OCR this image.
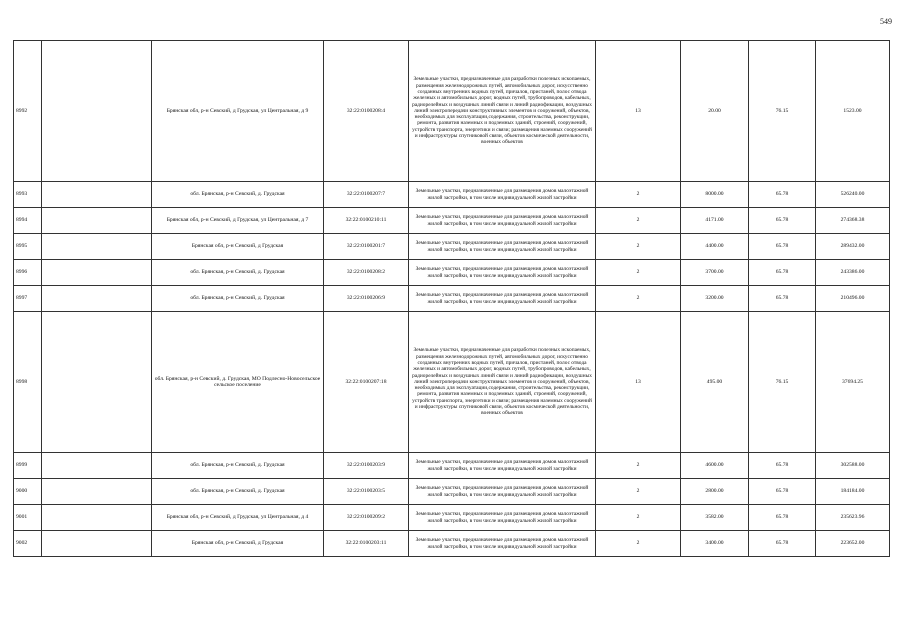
549
8992		Брянская обл, р-н Севский, д Грудская, ул Центральная, д 9	32:22:0100208:4	Земельные участки, предназначенные для разработки полезных ископаемых, размещения железнодорожных путей, автомобильных дорог, искусственно созданных внутренних водных путей, причалов, пристаней, полос отвода железных и автомобильных дорог, водных путей, трубопроводов, кабельных, радиорелейных и воздушных линий связи и линий радиофикации, воздушных линий электропередачи конструктивных элементов и сооружений, объектов, необходимых для эксплуатации,содержания, строительства, реконструкции, ремонта, развития наземных и подземных зданий, строений, сооружений, устройств транспорта, энергетики и связи; размещения наземных сооружений и инфраструктуры спутниковой связи, объектов космической деятельности, военных объектов	13	20.00	76.15	1523.00
8993		обл. Брянская, р-н Севский, д. Грудская	32:22:0100207:7	Земельные участки, предназначенные для размещения домов малоэтажной жилой застройки, в том числе индивидуальной жилой застройки	2	8000.00	65.78	526240.00
8994		Брянская обл, р-н Севский, д Грудская, ул Центральная, д 7	32:22:0100210:11	Земельные участки, предназначенные для размещения домов малоэтажной жилой застройки, в том числе индивидуальной жилой застройки	2	4171.00	65.78	274368.38
8995		Брянская обл, р-н Севский, д Грудская	32:22:0100201:7	Земельные участки, предназначенные для размещения домов малоэтажной жилой застройки, в том числе индивидуальной жилой застройки	2	4400.00	65.78	289432.00
8996		обл. Брянская, р-н Севский, д. Грудская	32:22:0100208:2	Земельные участки, предназначенные для размещения домов малоэтажной жилой застройки, в том числе индивидуальной жилой застройки	2	3700.00	65.78	243386.00
8997		обл. Брянская, р-н Севский, д. Грудская	32:22:0100206:9	Земельные участки, предназначенные для размещения домов малоэтажной жилой застройки, в том числе индивидуальной жилой застройки	2	3200.00	65.78	210496.00
8998		обл. Брянская, р-н Севский, д. Грудская, МО Подлесно-Новосельское сельское поселение	32:22:0100207:18	Земельные участки, предназначенные для разработки полезных ископаемых, размещения железнодорожных путей, автомобильных дорог, искусственно созданных внутренних водных путей, причалов, пристаней, полос отвода железных и автомобильных дорог, водных путей, трубопроводов, кабельных, радиорелейных и воздушных линий связи и линий радиофикации, воздушных линий электропередачи конструктивных элементов и сооружений, объектов, необходимых для эксплуатации,содержания, строительства, реконструкции, ремонта, развития наземных и подземных зданий, строений, сооружений, устройств транспорта, энергетики и связи; размещения наземных сооружений и инфраструктуры спутниковой связи, объектов космической деятельности, военных объектов	13	495.00	76.15	37694.25
8999		обл. Брянская, р-н Севский, д. Грудская	32:22:0100203:9	Земельные участки, предназначенные для размещения домов малоэтажной жилой застройки, в том числе индивидуальной жилой застройки	2	4600.00	65.78	302588.00
9000		обл. Брянская, р-н Севский, д. Грудская	32:22:0100203:5	Земельные участки, предназначенные для размещения домов малоэтажной жилой застройки, в том числе индивидуальной жилой застройки	2	2800.00	65.78	184184.00
9001		Брянская обл, р-н Севский, д Грудская, ул Центральная, д 4	32:22:0100209:2	Земельные участки, предназначенные для размещения домов малоэтажной жилой застройки, в том числе индивидуальной жилой застройки	2	3582.00	65.78	235623.96
9002		Брянская обл, р-н Севский, д Грудская	32:22:0100203:11	Земельные участки, предназначенные для размещения домов малоэтажной жилой застройки, в том числе индивидуальной жилой застройки	2	3400.00	65.78	223652.00
